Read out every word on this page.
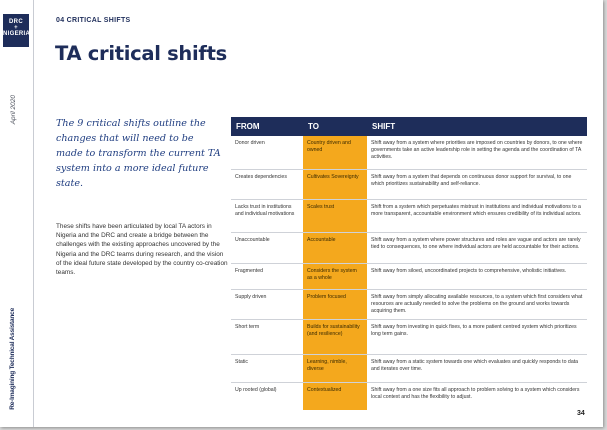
DRC
+
NIGERIA
April 2020
Re-Imagining Technical Assistance
04 CRITICAL SHIFTS
TA critical shifts

The 9 critical shifts outline the changes that will need to be made to transform the current TA system into a more ideal future state.

These shifts have been articulated by local TA actors in Nigeria and the DRC and create a bridge between the challenges with the existing approaches uncovered by the Nigeria and the DRC teams during research, and the vision of the ideal future state developed by the country co-creation teams.

FROM	TO	SHIFT
Donor driven	Country driven and owned	Shift away from a system where priorities are imposed on countries by donors, to one where governments take an active leadership role in setting the agenda and the coordination of TA activities.
Creates dependencies	Cultivates Sovereignty	Shift away from a system that depends on continuous donor support for survival, to one which prioritizes sustainability and self-reliance.
Lacks trust in institutions and individual motivations	Scales trust	Shift from a system which perpetuates mistrust in institutions and individual motivations to a more transparent, accountable environment which ensures credibility of its individual actors.
Unaccountable	Accountable	Shift away from a system where power structures and roles are vague and actors are rarely tied to consequences, to one where individual actors are held accountable for their actions.
Fragmented	Considers the system as a whole	Shift away from siloed, uncoordinated projects to comprehensive, wholistic initiatives.
Supply driven	Problem focused	Shift away from simply allocating available resources, to a system which first considers what resources are actually needed to solve the problems on the ground and works towards acquiring them.
Short term	Builds for sustainability (and resilience)	Shift away from investing in quick fixes, to a more patient centred system which prioritizes long term gains.
Static	Learning, nimble, diverse	Shift away from a static system towards one which evaluates and quickly responds to data and iterates over time.
Up rooted (global)	Contextualized	Shift away from a one size fits all approach to problem solving to a system which considers local context and has the flexibility to adjust.
34
